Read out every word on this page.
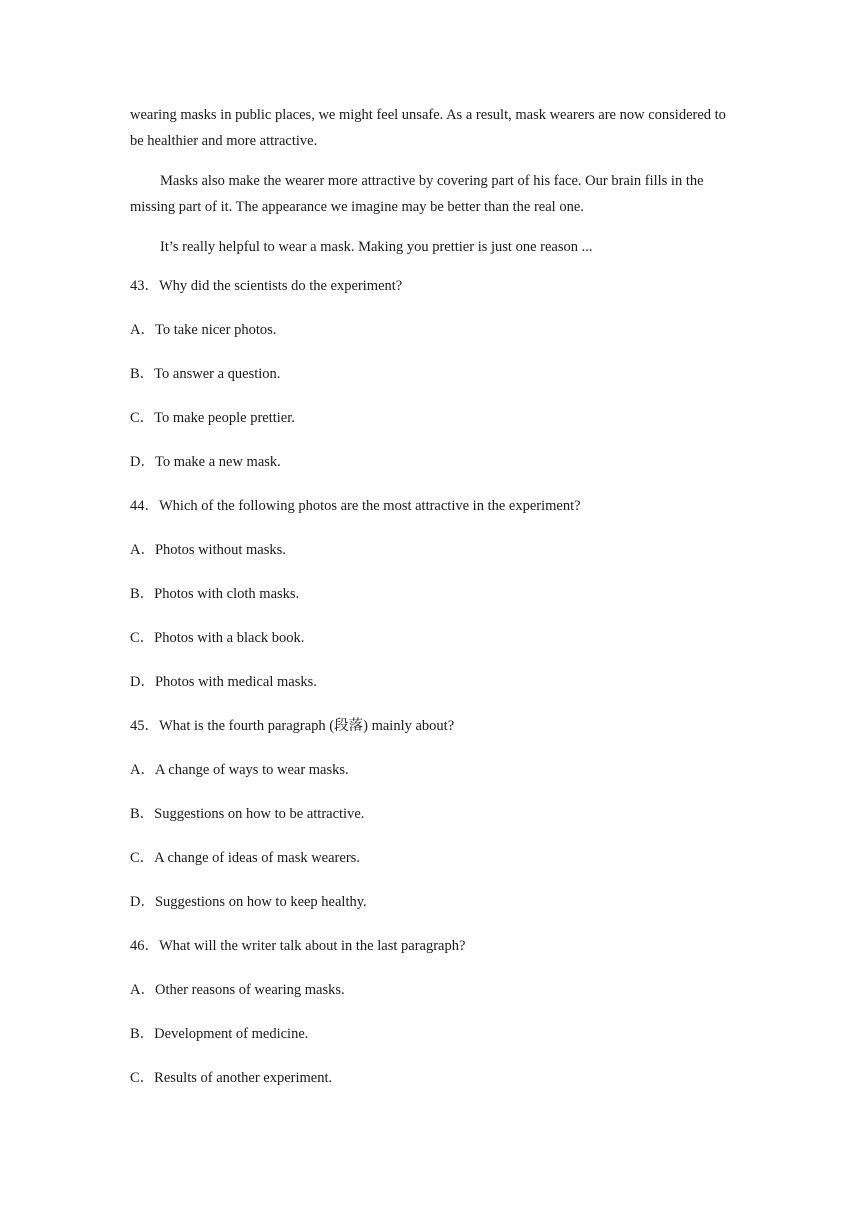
wearing masks in public places, we might feel unsafe. As a result, mask wearers are now considered to be healthier and more attractive.

Masks also make the wearer more attractive by covering part of his face. Our brain fills in the missing part of it. The appearance we imagine may be better than the real one.

It’s really helpful to wear a mask. Making you prettier is just one reason ...

43．Why did the scientists do the experiment?
A．To take nicer photos.
B．To answer a question.
C．To make people prettier.
D．To make a new mask.
44．Which of the following photos are the most attractive in the experiment?
A．Photos without masks.
B．Photos with cloth masks.
C．Photos with a black book.
D．Photos with medical masks.
45．What is the fourth paragraph (段落) mainly about?
A．A change of ways to wear masks.
B．Suggestions on how to be attractive.
C．A change of ideas of mask wearers.
D．Suggestions on how to keep healthy.
46．What will the writer talk about in the last paragraph?
A．Other reasons of wearing masks.
B．Development of medicine.
C．Results of another experiment.
